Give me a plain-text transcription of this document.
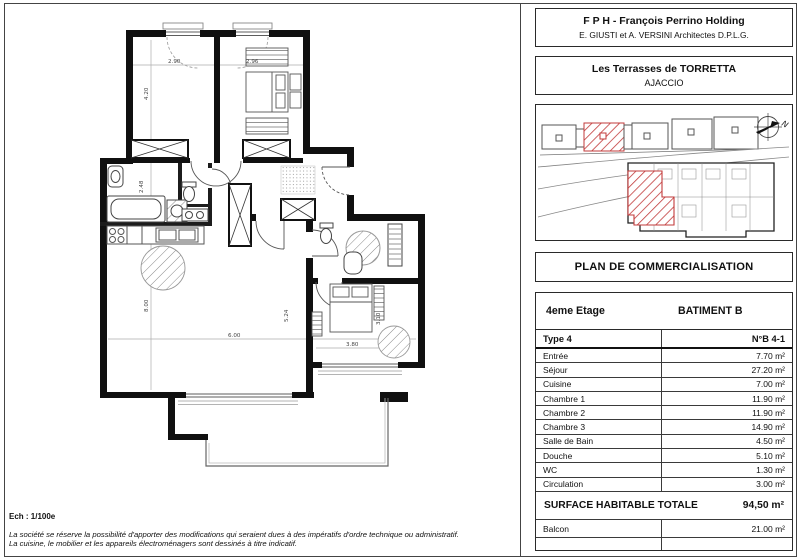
2.90	2.96
4.20
2.48
8.00
6.00
5.24
3.80
3.10
F P H - François Perrino Holding
E. GIUSTI et A. VERSINI Architectes D.P.L.G.
Les Terrasses de TORRETTA
AJACCIO
N
PLAN DE COMMERCIALISATION
4eme Etage	BATIMENT B
Type 4	N°B 4-1
Entrée	7.70 m²
Séjour	27.20 m²
Cuisine	7.00 m²
Chambre 1	11.90 m²
Chambre 2	11.90 m²
Chambre 3	14.90 m²
Salle de Bain	4.50 m²
Douche	5.10 m²
WC	1.30 m²
Circulation	3.00 m²
SURFACE HABITABLE TOTALE	94,50 m²
Balcon	21.00 m²
Ech : 1/100e
La société se réserve la possibilité d'apporter des modifications qui seraient dues à des impératifs d'ordre technique ou administratif.
La cuisine, le mobilier et les appareils électroménagers sont dessinés à titre indicatif.
